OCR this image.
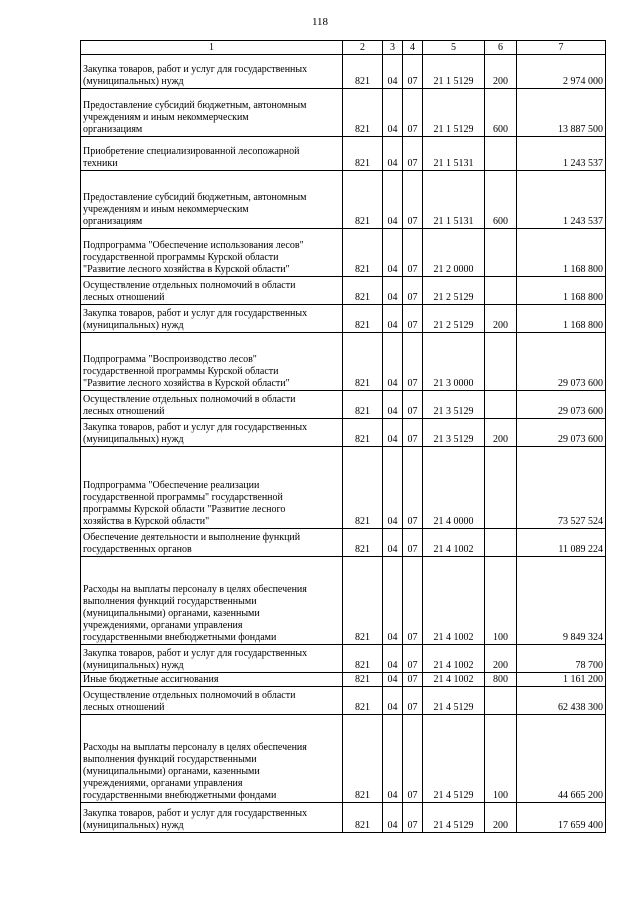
118
1	2	3	4	5	6	7
Закупка товаров, работ и услуг для государственных
(муниципальных) нужд	821	04	07	21 1 5129	200	2 974 000
Предоставление субсидий бюджетным, автономным
учреждениям и иным некоммерческим
организациям	821	04	07	21 1 5129	600	13 887 500
Приобретение специализированной лесопожарной
техники	821	04	07	21 1 5131		1 243 537
Предоставление субсидий бюджетным, автономным
учреждениям и иным некоммерческим
организациям	821	04	07	21 1 5131	600	1 243 537
Подпрограмма "Обеспечение использования лесов"
государственной программы Курской области
"Развитие лесного хозяйства в Курской области"	821	04	07	21 2 0000		1 168 800
Осуществление отдельных полномочий в области
лесных отношений	821	04	07	21 2 5129		1 168 800
Закупка товаров, работ и услуг для государственных
(муниципальных) нужд	821	04	07	21 2 5129	200	1 168 800
Подпрограмма "Воспроизводство лесов"
государственной программы Курской области
"Развитие лесного хозяйства в Курской области"	821	04	07	21 3 0000		29 073 600
Осуществление отдельных полномочий в области
лесных отношений	821	04	07	21 3 5129		29 073 600
Закупка товаров, работ и услуг для государственных
(муниципальных) нужд	821	04	07	21 3 5129	200	29 073 600
Подпрограмма "Обеспечение реализации
государственной программы" государственной
программы Курской области "Развитие лесного
хозяйства в Курской области"	821	04	07	21 4 0000		73 527 524
Обеспечение деятельности и выполнение функций
государственных органов	821	04	07	21 4 1002		11 089 224
Расходы на выплаты персоналу в целях обеспечения
выполнения функций государственными
(муниципальными) органами, казенными
учреждениями, органами управления
государственными внебюджетными фондами	821	04	07	21 4 1002	100	9 849 324
Закупка товаров, работ и услуг для государственных
(муниципальных) нужд	821	04	07	21 4 1002	200	78 700
Иные бюджетные ассигнования	821	04	07	21 4 1002	800	1 161 200
Осуществление отдельных полномочий в области
лесных отношений	821	04	07	21 4 5129		62 438 300
Расходы на выплаты персоналу в целях обеспечения
выполнения функций государственными
(муниципальными) органами, казенными
учреждениями, органами управления
государственными внебюджетными фондами	821	04	07	21 4 5129	100	44 665 200
Закупка товаров, работ и услуг для государственных
(муниципальных) нужд	821	04	07	21 4 5129	200	17 659 400
